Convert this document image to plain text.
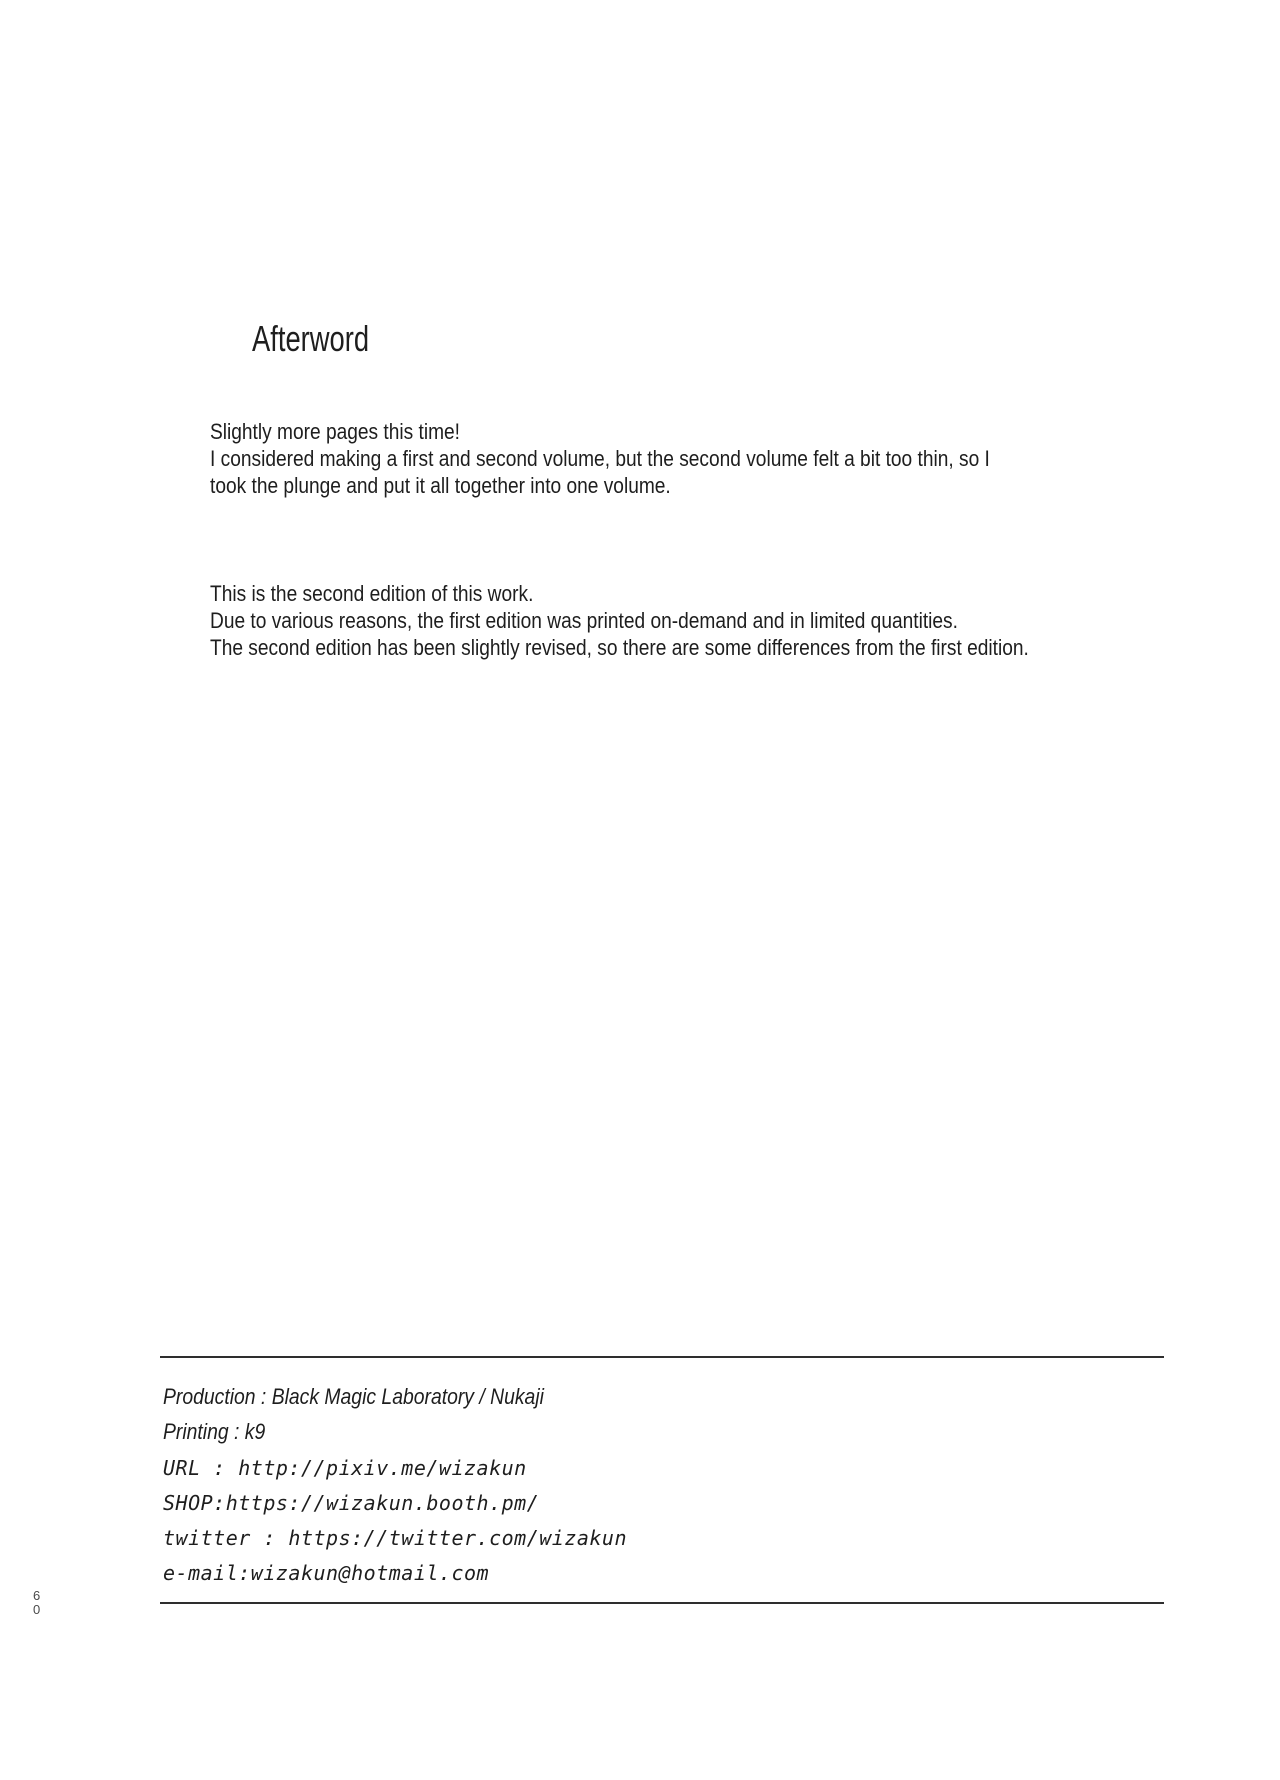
Afterword
Slightly more pages this time!
I considered making a first and second volume, but the second volume felt a bit too thin, so I
took the plunge and put it all together into one volume.
This is the second edition of this work.
Due to various reasons, the first edition was printed on-demand and in limited quantities.
The second edition has been slightly revised, so there are some differences from the first edition.
Production : Black Magic Laboratory / Nukaji
Printing : k9
URL : http://pixiv.me/wizakun
SHOP:https://wizakun.booth.pm/
twitter : https://twitter.com/wizakun
e-mail:wizakun@hotmail.com
6
0
